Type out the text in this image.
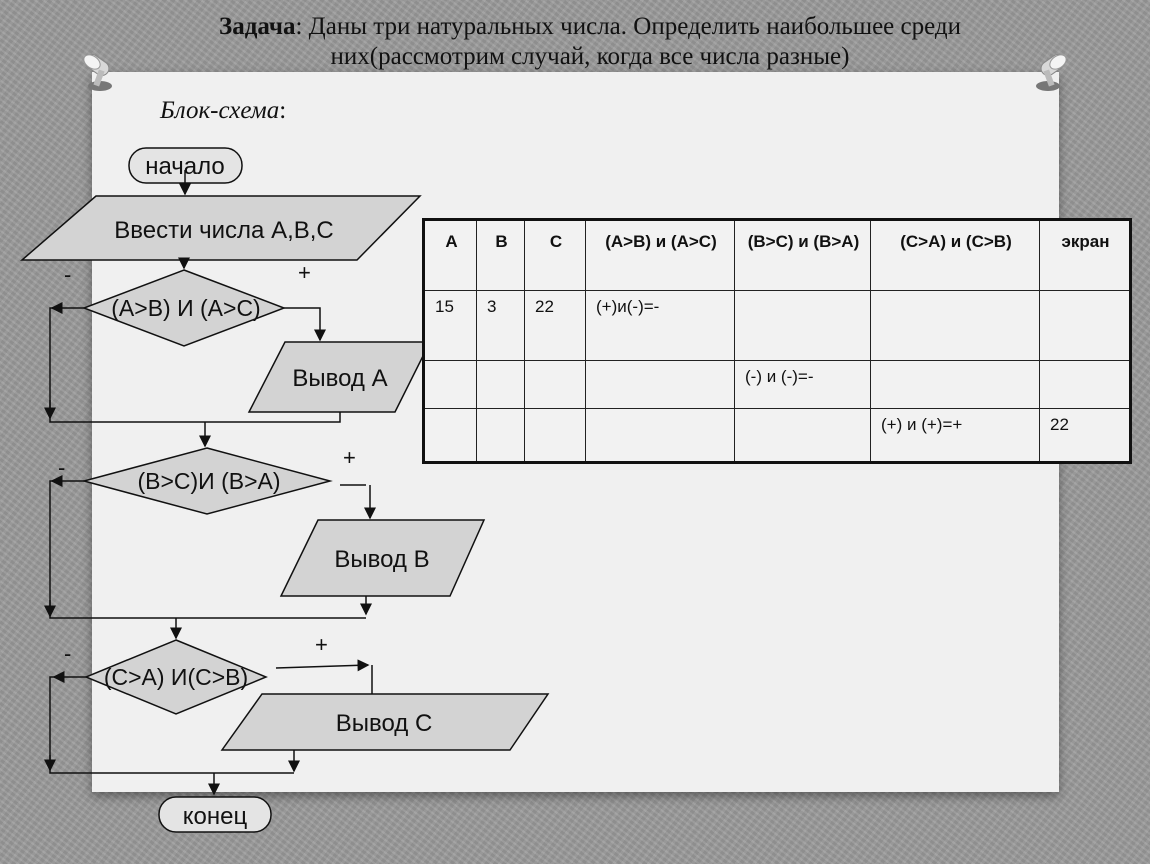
Задача: Даны три натуральных числа. Определить наибольшее среди
них(рассмотрим случай, когда все числа разные)
Блок-схема:
начало
Ввести числа А,В,С
(А>В) И (А>С)
-	+
Вывод А
(В>С)И (В>А)
-	+
Вывод В
(С>А) И(С>В)
-	+
Вывод С
конец
А	В	С	(А>В) и (А>С)	(В>С) и (В>А)	(С>А) и (С>В)	экран
15	3	22	(+)и(-)=-			
				(-) и (-)=-		
					(+) и (+)=+	22
